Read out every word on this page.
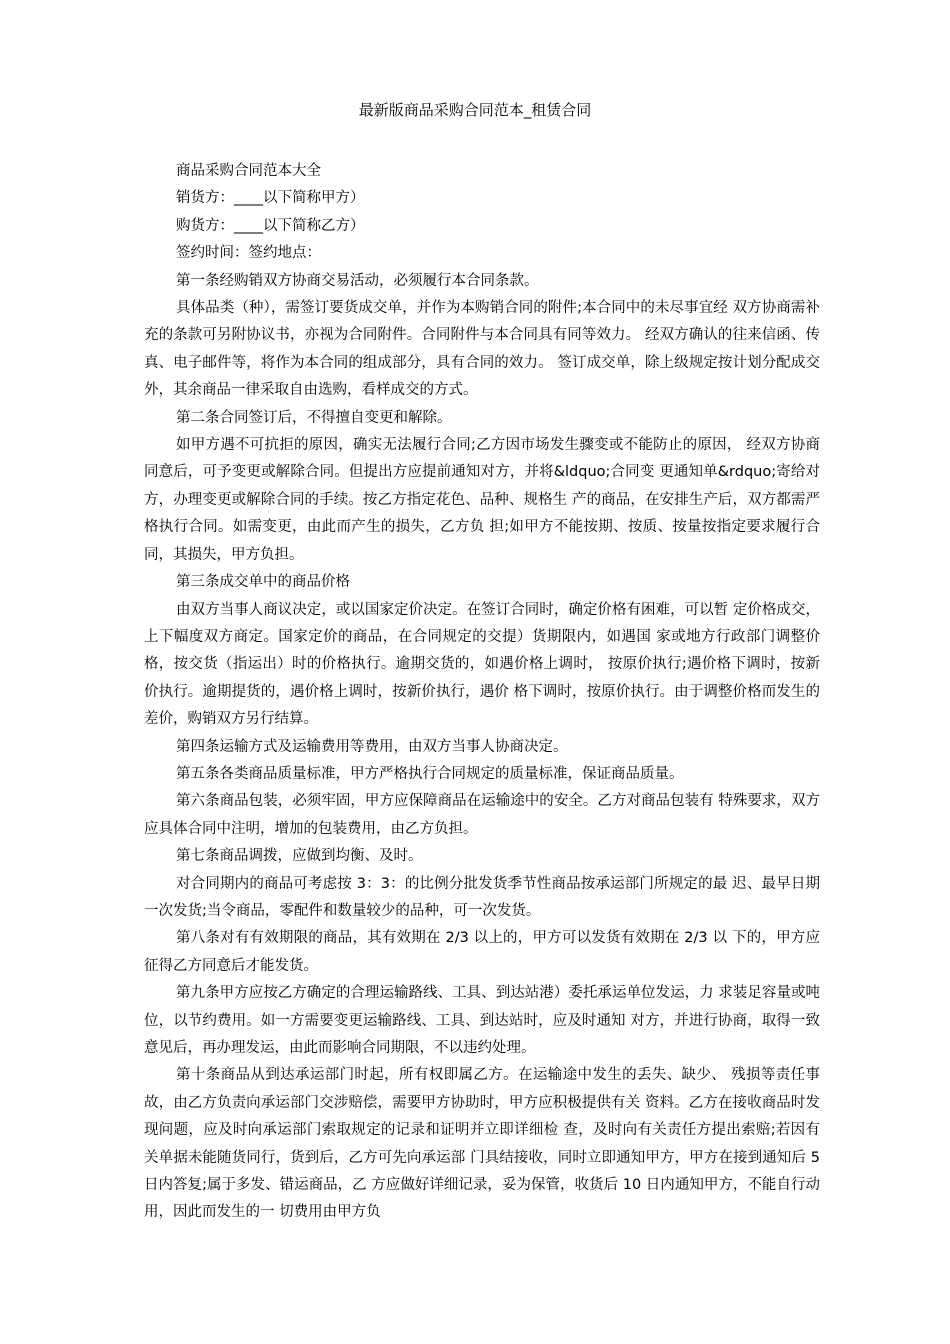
最新版商品采购合同范本_租赁合同

商品采购合同范本大全

销货方：____以下简称甲方）

购货方：____以下简称乙方）

签约时间：签约地点：

第一条经购销双方协商交易活动，必须履行本合同条款。

具体品类（种），需签订要货成交单，并作为本购销合同的附件;本合同中的未尽事宜经 双方协商需补充的条款可另附协议书，亦视为合同附件。合同附件与本合同具有同等效力。 经双方确认的往来信函、传真、电子邮件等，将作为本合同的组成部分，具有合同的效力。 签订成交单，除上级规定按计划分配成交外，其余商品一律采取自由选购，看样成交的方式。

第二条合同签订后，不得擅自变更和解除。

如甲方遇不可抗拒的原因，确实无法履行合同;乙方因市场发生骤变或不能防止的原因， 经双方协商同意后，可予变更或解除合同。但提出方应提前通知对方，并将&ldquo;合同变 更通知单&rdquo;寄给对方，办理变更或解除合同的手续。按乙方指定花色、品种、规格生 产的商品，在安排生产后，双方都需严格执行合同。如需变更，由此而产生的损失，乙方负 担;如甲方不能按期、按质、按量按指定要求履行合同，其损失，甲方负担。

第三条成交单中的商品价格

由双方当事人商议决定，或以国家定价决定。在签订合同时，确定价格有困难，可以暂 定价格成交，上下幅度双方商定。国家定价的商品，在合同规定的交提）货期限内，如遇国 家或地方行政部门调整价格，按交货（指运出）时的价格执行。逾期交货的，如遇价格上调时， 按原价执行;遇价格下调时，按新价执行。逾期提货的，遇价格上调时，按新价执行，遇价 格下调时，按原价执行。由于调整价格而发生的差价，购销双方另行结算。

第四条运输方式及运输费用等费用，由双方当事人协商决定。

第五条各类商品质量标准，甲方严格执行合同规定的质量标准，保证商品质量。

第六条商品包装，必须牢固，甲方应保障商品在运输途中的安全。乙方对商品包装有 特殊要求，双方应具体合同中注明，增加的包装费用，由乙方负担。

第七条商品调拨，应做到均衡、及时。

对合同期内的商品可考虑按 3：3：的比例分批发货季节性商品按承运部门所规定的最 迟、最早日期一次发货;当令商品，零配件和数量较少的品种，可一次发货。

第八条对有有效期限的商品，其有效期在 2/3 以上的，甲方可以发货有效期在 2/3 以 下的，甲方应征得乙方同意后才能发货。

第九条甲方应按乙方确定的合理运输路线、工具、到达站港）委托承运单位发运，力 求装足容量或吨位，以节约费用。如一方需要变更运输路线、工具、到达站时，应及时通知 对方，并进行协商，取得一致意见后，再办理发运，由此而影响合同期限，不以违约处理。

第十条商品从到达承运部门时起，所有权即属乙方。在运输途中发生的丢失、缺少、 残损等责任事故，由乙方负责向承运部门交涉赔偿，需要甲方协助时，甲方应积极提供有关 资料。乙方在接收商品时发现问题，应及时向承运部门索取规定的记录和证明并立即详细检 查，及时向有关责任方提出索赔;若因有关单据未能随货同行，货到后，乙方可先向承运部 门具结接收，同时立即通知甲方，甲方在接到通知后 5 日内答复;属于多发、错运商品，乙 方应做好详细记录，妥为保管，收货后 10 日内通知甲方，不能自行动用，因此而发生的一 切费用由甲方负
